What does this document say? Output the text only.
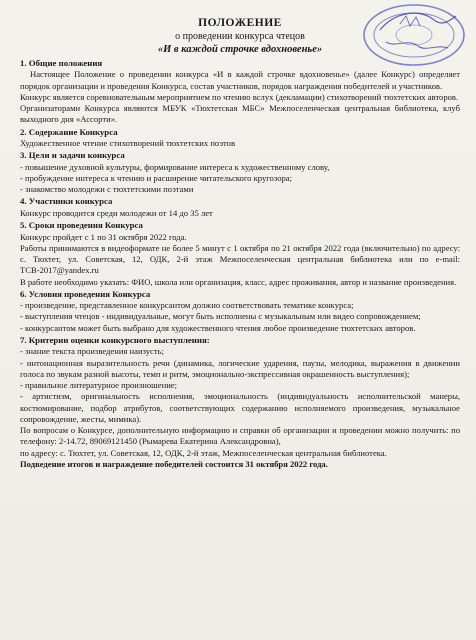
ПОЛОЖЕНИЕ
о проведении конкурса чтецов
«И в каждой строчке вдохновенье»
1. Общие положения

Настоящее Положение о проведении конкурса «И в каждой строчке вдохновенье» (далее Конкурс) определяет порядок организации и проведения Конкурса, состав участников, порядок награждения победителей и участников.

Конкурс является соревновательным мероприятием по чтению вслух (декламации) стихотворений тюхтетских авторов.

Организаторами Конкурса являются МБУК «Тюхтетская МБС» Межпоселенческая центральная библиотека, клуб выходного дня «Ассорти».

2. Содержание Конкурса

Художественное чтение стихотворений тюхтетских поэтов

3. Цели и задачи конкурса

- повышение духовной культуры, формирование интереса к художественному слову,

- пробуждение интереса к чтению и расширение читательского кругозора;

- знакомство молодежи с тюхтетскими поэтами

4. Участники конкурса

Конкурс проводится среди молодежи от 14 до 35 лет

5. Сроки проведения Конкурса

Конкурс пройдет с 1 по 31 октября 2022 года.

Работы принимаются в видеоформате не более 5 минут с 1 октября по 21 октября 2022 года (включительно) по адресу: с. Тюхтет, ул. Советская, 12, ОДК, 2-й этаж Межпоселенческая центральная библиотека или по e-mail: ТСВ-2017@yandex.ru

В работе необходимо указать: ФИО, школа или организация, класс, адрес проживания, автор и название произведения.

6. Условия проведения Конкурса

- произведение, представленное конкурсантом должно соответствовать тематике конкурса;

- выступления чтецов - индивидуальные, могут быть исполнены с музыкальным или видео сопровождением;

- конкурсантом может быть выбрано для художественного чтения любое произведение тюхтетских авторов.

7. Критерии оценки конкурсного выступления:

- знание текста произведения наизусть;

- интонационная выразительность речи (динамика, логические ударения, паузы, мелодика, выражения в движении голоса по звукам разной высоты, темп и ритм, эмоционально-экспрессивная окрашенность выступления);

- правильное литературное произношение;

- артистизм, оригинальность исполнения, эмоциональность (индивидуальность исполнительской манеры, костюмирование, подбор атрибутов, соответствующих содержанию исполняемого произведения, музыкальное сопровождение, жесты, мимика).

По вопросам о Конкурсе, дополнительную информацию и справки об организации и проведении можно получить: по телефону: 2-14.72, 89069121450 (Рымарева Екатерина Александровна),

по адресу: с. Тюхтет, ул. Советская, 12, ОДК, 2-й этаж, Межпоселенческая центральная библиотека.

Подведение итогов и награждение победителей состоится 31 октября 2022 года.
